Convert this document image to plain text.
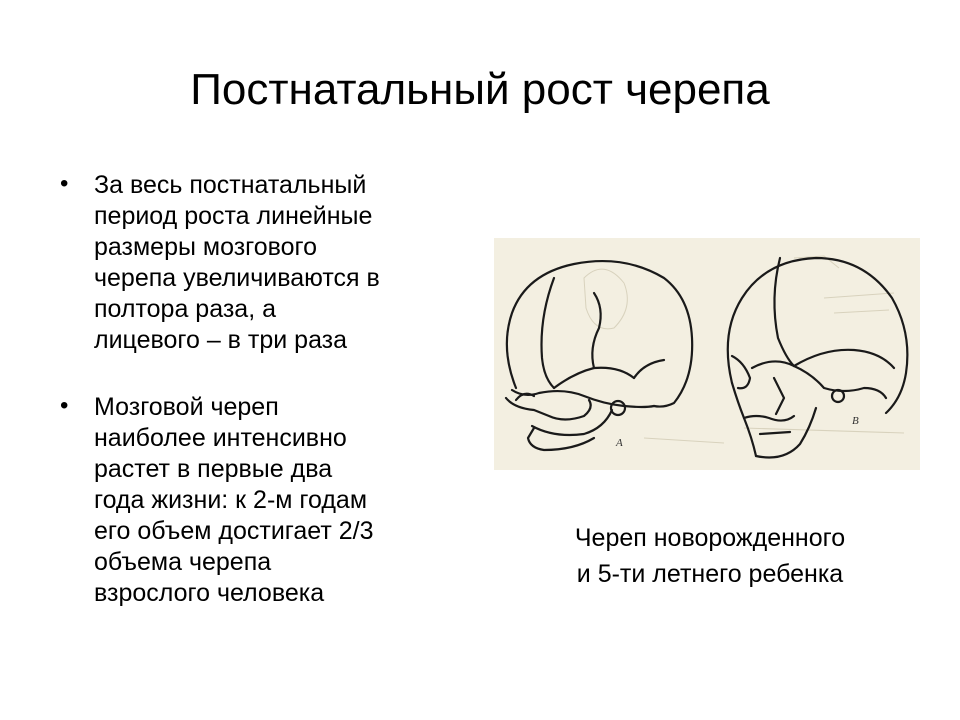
Постнатальный рост черепа
• За весь постнатальный
период роста линейные
размеры мозгового
черепа увеличиваются в
полтора раза, а
лицевого – в три раза
• Мозговой череп
наиболее интенсивно
растет в первые два
года жизни: к 2-м годам
его объем достигает 2/3
объема черепа
взрослого человека
A
B
Череп новорожденного
и 5-ти летнего ребенка
